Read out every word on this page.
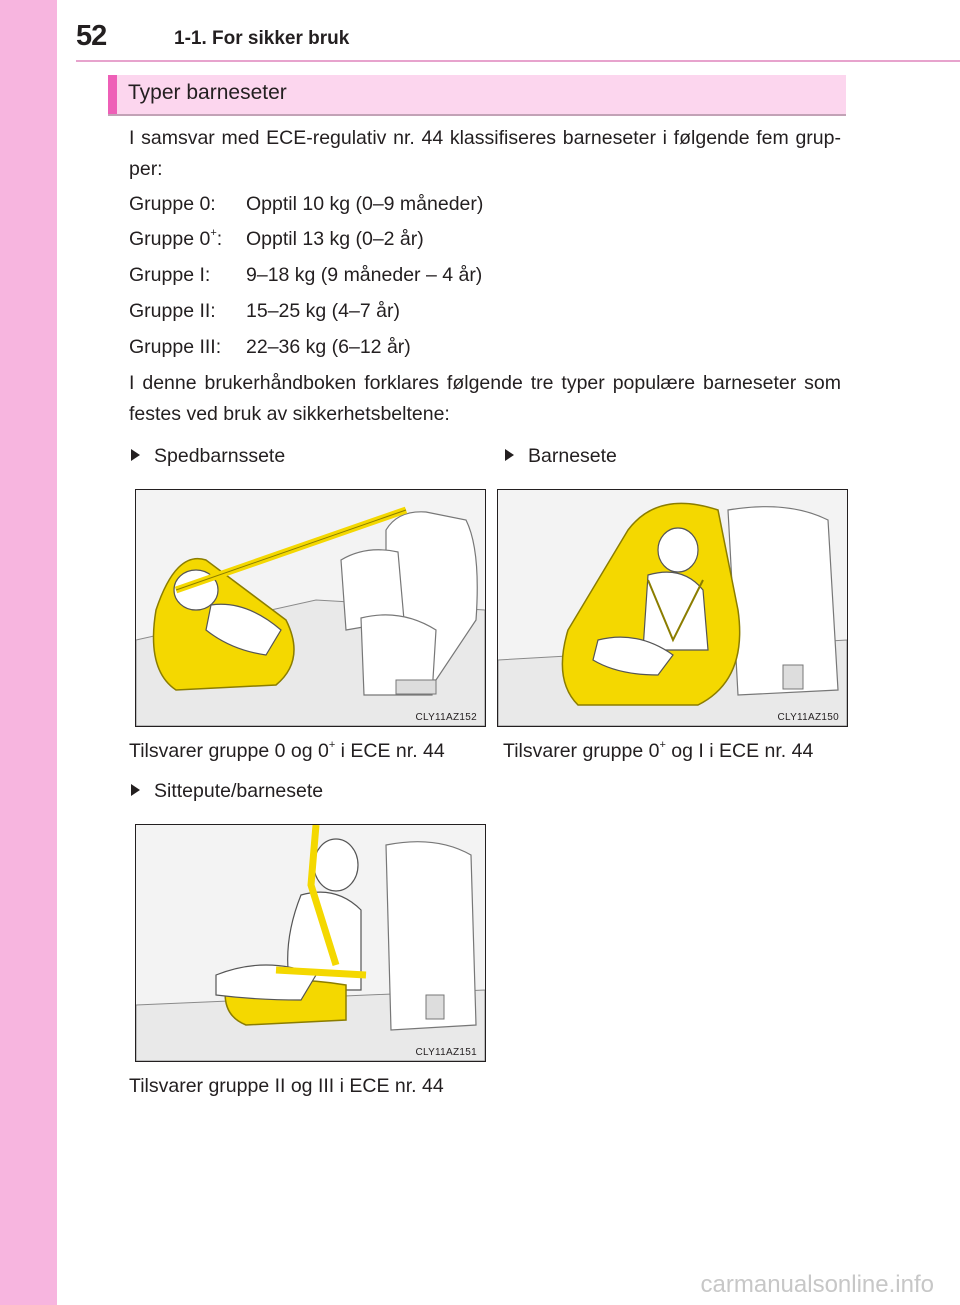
52	1-1. For sikker bruk
Typer barneseter
I samsvar med ECE-regulativ nr. 44 klassifiseres barneseter i følgende fem grup-per:
Gruppe 0: Opptil 10 kg (0–9 måneder)
Gruppe 0+: Opptil 13 kg (0–2 år)
Gruppe I: 9–18 kg (9 måneder – 4 år)
Gruppe II: 15–25 kg (4–7 år)
Gruppe III: 22–36 kg (6–12 år)
I denne brukerhåndboken forklares følgende tre typer populære barneseter som festes ved bruk av sikkerhetsbeltene:
Spedbarnssete
CLY11AZ152
Tilsvarer gruppe 0 og 0+ i ECE nr. 44
Barnesete
CLY11AZ150
Tilsvarer gruppe 0+ og I i ECE nr. 44
Sittepute/barnesete
CLY11AZ151
Tilsvarer gruppe II og III i ECE nr. 44
carmanualsonline.info
